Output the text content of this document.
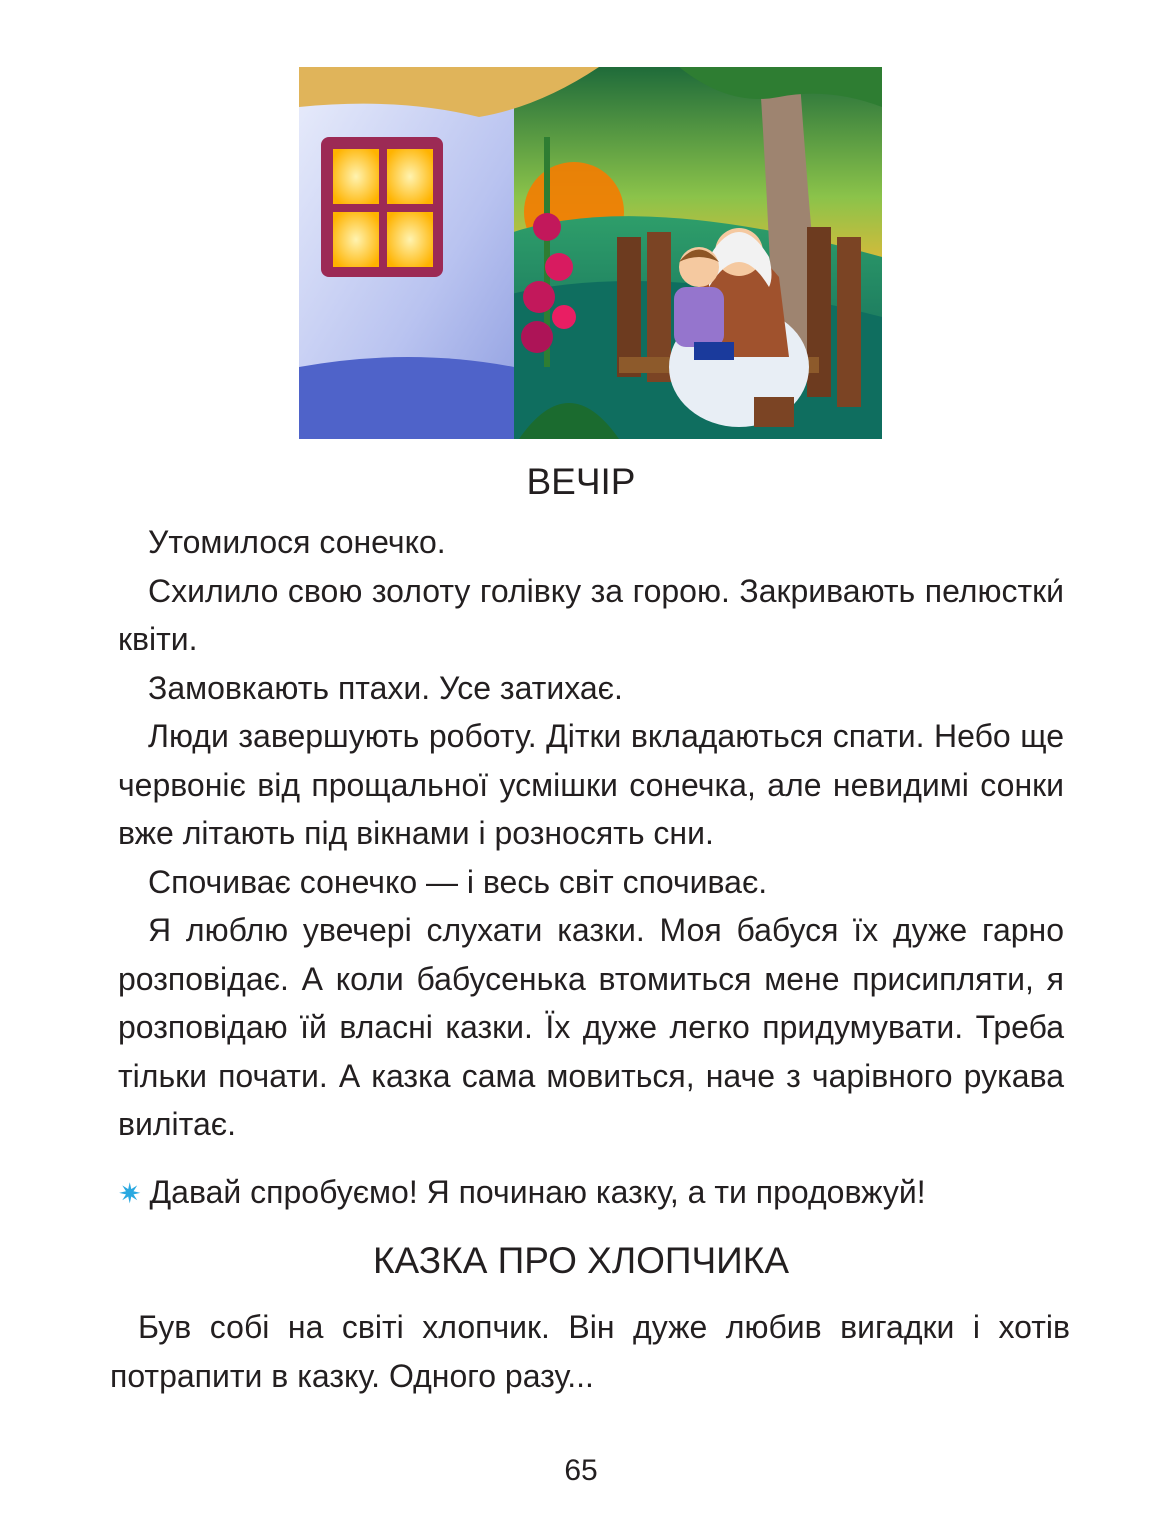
ВЕЧІР

Утомилося сонечко.

Схилило свою золоту голівку за горою. Закривають пелюстки́ квіти.

Замовкають птахи. Усе затихає.

Люди завершують роботу. Дітки вкладаються спати. Небо ще червоніє від прощальної усмішки сонечка, але невидимі сонки вже літають під вікнами і розносять сни.

Спочиває сонечко — і весь світ спочиває.

Я люблю увечері слухати казки. Моя бабуся їх дуже гарно розповідає. А коли бабусенька втомиться мене присипляти, я розповідаю їй власні казки. Їх дуже легко придумувати. Треба тільки почати. А казка сама мовиться, наче з чарівного рукава вилітає.

✷ Давай спробуємо! Я починаю казку, а ти продовжуй!
КАЗКА ПРО ХЛОПЧИКА

Був собі на світі хлопчик. Він дуже любив вигадки і хотів потрапити в казку. Одного разу...

65
